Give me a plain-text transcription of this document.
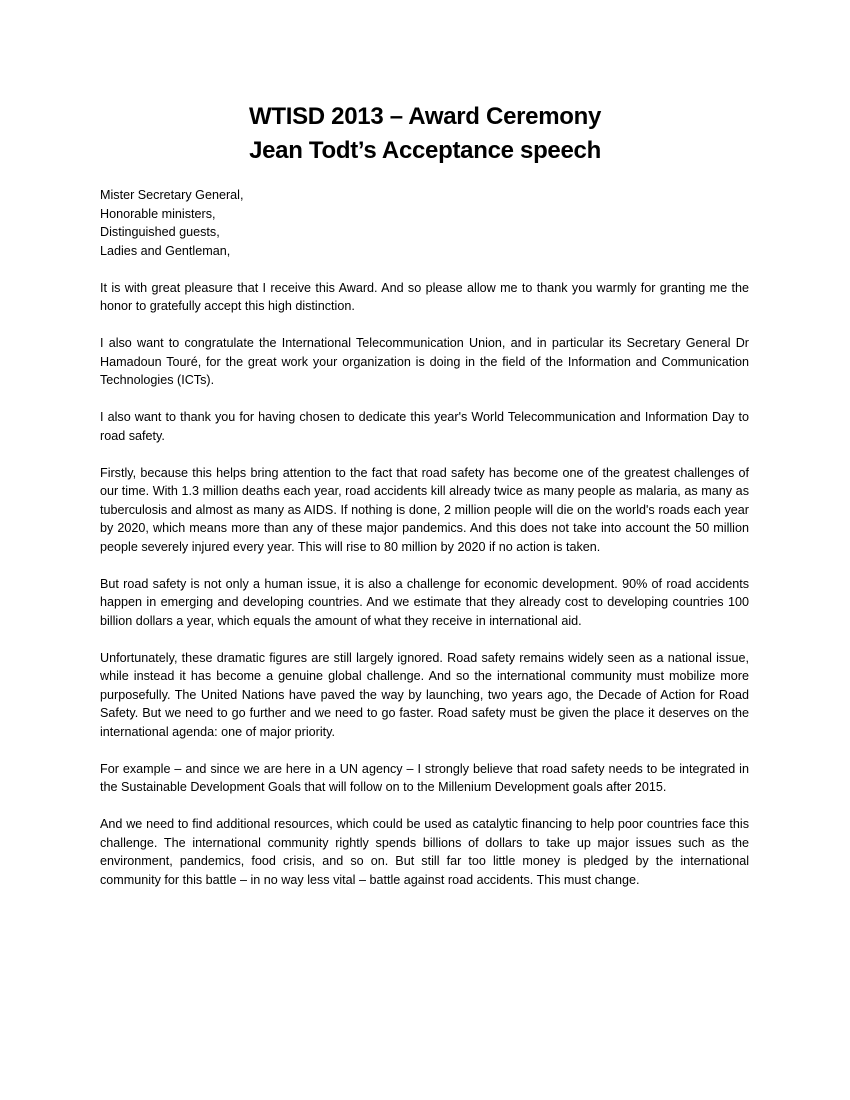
WTISD 2013 – Award Ceremony
Jean Todt’s Acceptance speech
Mister Secretary General,
Honorable ministers,
Distinguished guests,
Ladies and Gentleman,

It is with great pleasure that I receive this Award. And so please allow me to thank you warmly for granting me the honor to gratefully accept this high distinction.

I also want to congratulate the International Telecommunication Union, and in particular its Secretary General Dr Hamadoun Touré, for the great work your organization is doing in the field of the Information and Communication Technologies (ICTs).

I also want to thank you for having chosen to dedicate this year's World Telecommunication and Information Day to road safety.

Firstly, because this helps bring attention to the fact that road safety has become one of the greatest challenges of our time. With 1.3 million deaths each year, road accidents kill already twice as many people as malaria, as many as tuberculosis and almost as many as AIDS. If nothing is done, 2 million people will die on the world's roads each year by 2020, which means more than any of these major pandemics. And this does not take into account the 50 million people severely injured every year. This will rise to 80 million by 2020 if no action is taken.

But road safety is not only a human issue, it is also a challenge for economic development. 90% of road accidents happen in emerging and developing countries. And we estimate that they already cost to developing countries 100 billion dollars a year, which equals the amount of what they receive in international aid.

Unfortunately, these dramatic figures are still largely ignored. Road safety remains widely seen as a national issue, while instead it has become a genuine global challenge. And so the international community must mobilize more purposefully. The United Nations have paved the way by launching, two years ago, the Decade of Action for Road Safety. But we need to go further and we need to go faster. Road safety must be given the place it deserves on the international agenda: one of major priority.

For example – and since we are here in a UN agency – I strongly believe that road safety needs to be integrated in the Sustainable Development Goals that will follow on to the Millenium Development goals after 2015.

And we need to find additional resources, which could be used as catalytic financing to help poor countries face this challenge. The international community rightly spends billions of dollars to take up major issues such as the environment, pandemics, food crisis, and so on. But still far too little money is pledged by the international community for this battle – in no way less vital – battle against road accidents. This must change.
